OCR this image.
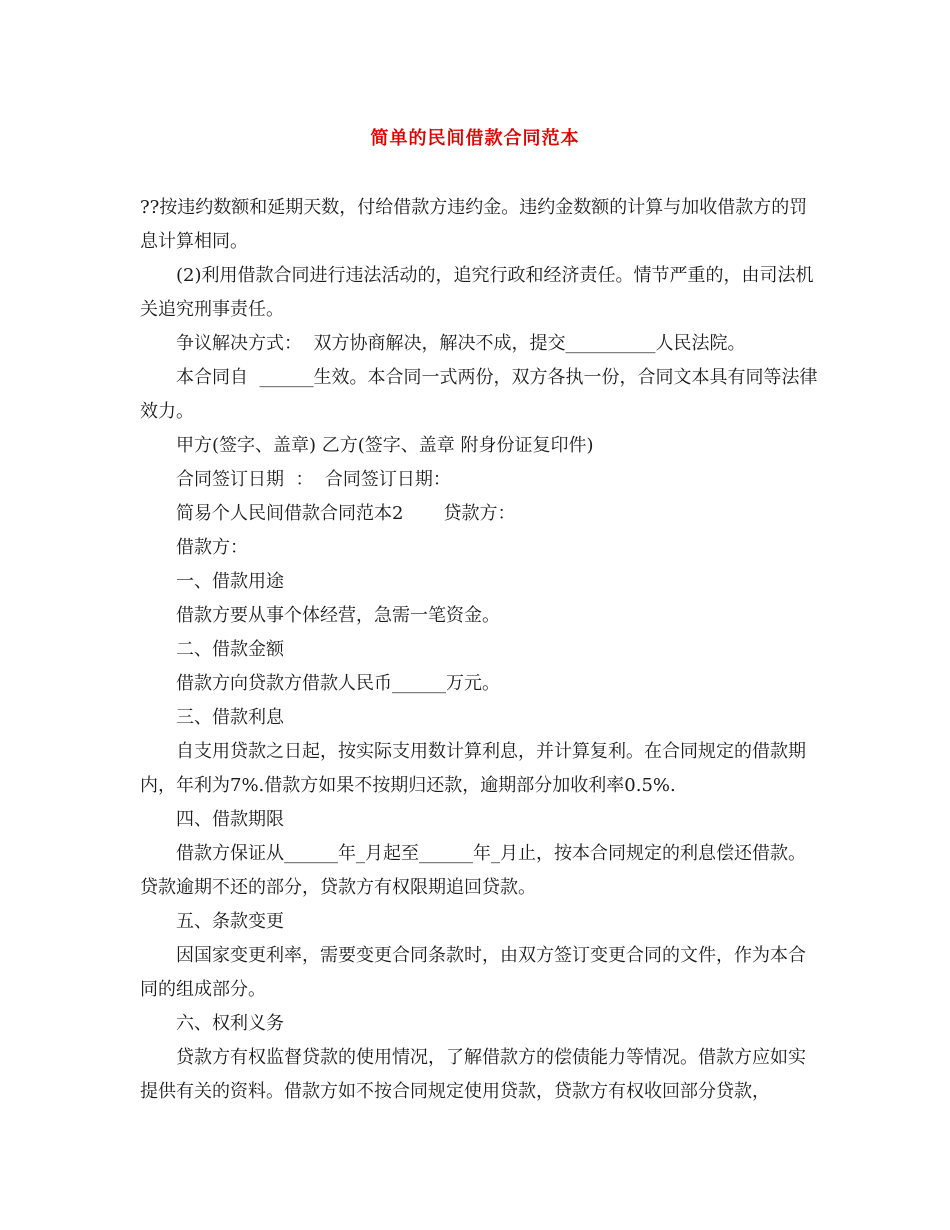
简单的民间借款合同范本

??按违约数额和延期天数，付给借款方违约金。违约金数额的计算与加收借款方的罚息计算相同。

(2)利用借款合同进行违法活动的，追究行政和经济责任。情节严重的，由司法机关追究刑事责任。

争议解决方式：  双方协商解决，解决不成，提交__________人民法院。

本合同自  ______生效。本合同一式两份，双方各执一份，合同文本具有同等法律效力。

甲方(签字、盖章) 乙方(签字、盖章 附身份证复印件)

合同签订日期  ：  合同签订日期：

简易个人民间借款合同范本2       贷款方：

借款方：

一、借款用途

借款方要从事个体经营，急需一笔资金。

二、借款金额

借款方向贷款方借款人民币______万元。

三、借款利息

自支用贷款之日起，按实际支用数计算利息，并计算复利。在合同规定的借款期内，年利为7%.借款方如果不按期归还款，逾期部分加收利率0.5%.

四、借款期限

借款方保证从______年_月起至______年_月止，按本合同规定的利息偿还借款。贷款逾期不还的部分，贷款方有权限期追回贷款。

五、条款变更

因国家变更利率，需要变更合同条款时，由双方签订变更合同的文件，作为本合同的组成部分。

六、权利义务

贷款方有权监督贷款的使用情况，了解借款方的偿债能力等情况。借款方应如实提供有关的资料。借款方如不按合同规定使用贷款，贷款方有权收回部分贷款，
